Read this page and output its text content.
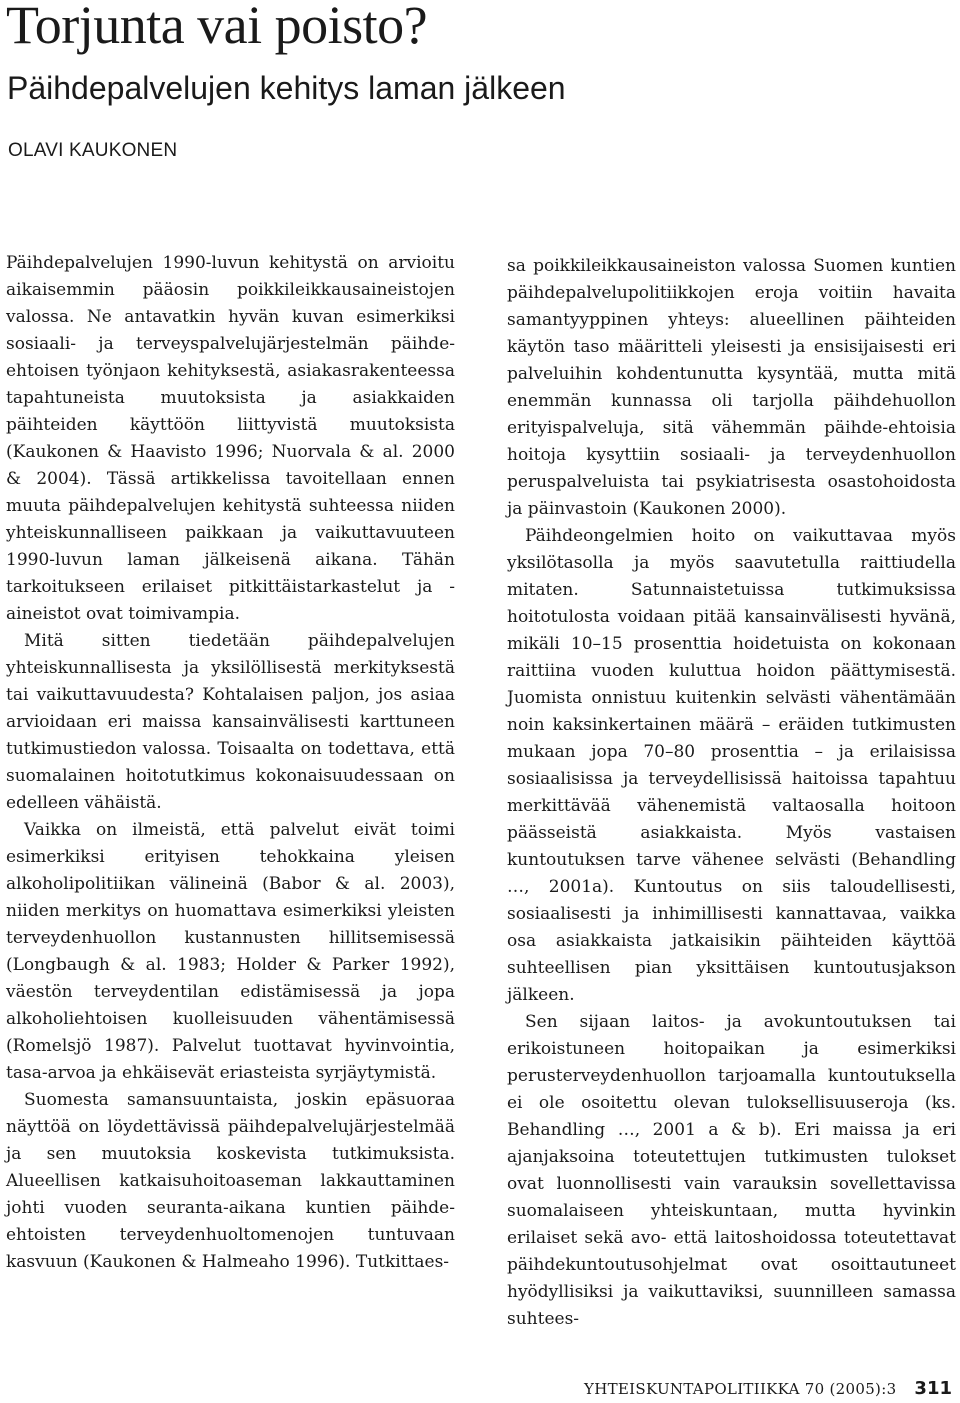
Torjunta vai poisto?
Päihdepalvelujen kehitys laman jälkeen
OLAVI KAUKONEN

Päihdepalvelujen 1990-luvun kehitystä on arvioitu aikaisemmin pääosin poikkileikkausaineistojen valossa. Ne antavatkin hyvän kuvan esimerkiksi sosiaali- ja terveyspalvelujärjestelmän päihde-ehtoisen työnjaon kehityksestä, asiakasrakenteessa tapahtuneista muutoksista ja asiakkaiden päihteiden käyttöön liittyvistä muutoksista (Kaukonen & Haavisto 1996; Nuorvala & al. 2000 & 2004). Tässä artikkelissa tavoitellaan ennen muuta päihdepalvelujen kehitystä suhteessa niiden yhteiskunnalliseen paikkaan ja vaikuttavuuteen 1990-luvun laman jälkeisenä aikana. Tähän tarkoitukseen erilaiset pitkittäistarkastelut ja -aineistot ovat toimivampia.

Mitä sitten tiedetään päihdepalvelujen yhteiskunnallisesta ja yksilöllisestä merkityksestä tai vaikuttavuudesta? Kohtalaisen paljon, jos asiaa arvioidaan eri maissa kansainvälisesti karttuneen tutkimustiedon valossa. Toisaalta on todettava, että suomalainen hoitotutkimus kokonaisuudessaan on edelleen vähäistä.

Vaikka on ilmeistä, että palvelut eivät toimi esimerkiksi erityisen tehokkaina yleisen alkoholipolitiikan välineinä (Babor & al. 2003), niiden merkitys on huomattava esimerkiksi yleisten terveydenhuollon kustannusten hillitsemisessä (Longbaugh & al. 1983; Holder & Parker 1992), väestön terveydentilan edistämisessä ja jopa alkoholiehtoisen kuolleisuuden vähentämisessä (Romelsjö 1987). Palvelut tuottavat hyvinvointia, tasa-arvoa ja ehkäisevät eriasteista syrjäytymistä.

Suomesta samansuuntaista, joskin epäsuoraa näyttöä on löydettävissä päihdepalvelujärjestelmää ja sen muutoksia koskevista tutkimuksista. Alueellisen katkaisuhoitoaseman lakkauttaminen johti vuoden seuranta-aikana kuntien päihde-ehtoisten terveydenhuoltomenojen tuntuvaan kasvuun (Kaukonen & Halmeaho 1996). Tutkittaes-

sa poikkileikkausaineiston valossa Suomen kuntien päihdepalvelupolitiikkojen eroja voitiin havaita samantyyppinen yhteys: alueellinen päihteiden käytön taso määritteli yleisesti ja ensisijaisesti eri palveluihin kohdentunutta kysyntää, mutta mitä enemmän kunnassa oli tarjolla päihdehuollon erityispalveluja, sitä vähemmän päihde-ehtoisia hoitoja kysyttiin sosiaali- ja terveydenhuollon peruspalveluista tai psykiatrisesta osastohoidosta ja päinvastoin (Kaukonen 2000).

Päihdeongelmien hoito on vaikuttavaa myös yksilötasolla ja myös saavutetulla raittiudella mitaten. Satunnaistetuissa tutkimuksissa hoitotulosta voidaan pitää kansainvälisesti hyvänä, mikäli 10–15 prosenttia hoidetuista on kokonaan raittiina vuoden kuluttua hoidon päättymisestä. Juomista onnistuu kuitenkin selvästi vähentämään noin kaksinkertainen määrä – eräiden tutkimusten mukaan jopa 70–80 prosenttia – ja erilaisissa sosiaalisissa ja terveydellisissä haitoissa tapahtuu merkittävää vähenemistä valtaosalla hoitoon päässeistä asiakkaista. Myös vastaisen kuntoutuksen tarve vähenee selvästi (Behandling …, 2001a). Kuntoutus on siis taloudellisesti, sosiaalisesti ja inhimillisesti kannattavaa, vaikka osa asiakkaista jatkaisikin päihteiden käyttöä suhteellisen pian yksittäisen kuntoutusjakson jälkeen.

Sen sijaan laitos- ja avokuntoutuksen tai erikoistuneen hoitopaikan ja esimerkiksi perusterveydenhuollon tarjoamalla kuntoutuksella ei ole osoitettu olevan tuloksellisuuseroja (ks. Behandling …, 2001 a & b). Eri maissa ja eri ajanjaksoina toteutettujen tutkimusten tulokset ovat luonnollisesti vain varauksin sovellettavissa suomalaiseen yhteiskuntaan, mutta hyvinkin erilaiset sekä avo- että laitoshoidossa toteutettavat päihdekuntoutusohjelmat ovat osoittautuneet hyödyllisiksi ja vaikuttaviksi, suunnilleen samassa suhtees-

YHTEISKUNTAPOLITIIKKA 70 (2005):3 311
